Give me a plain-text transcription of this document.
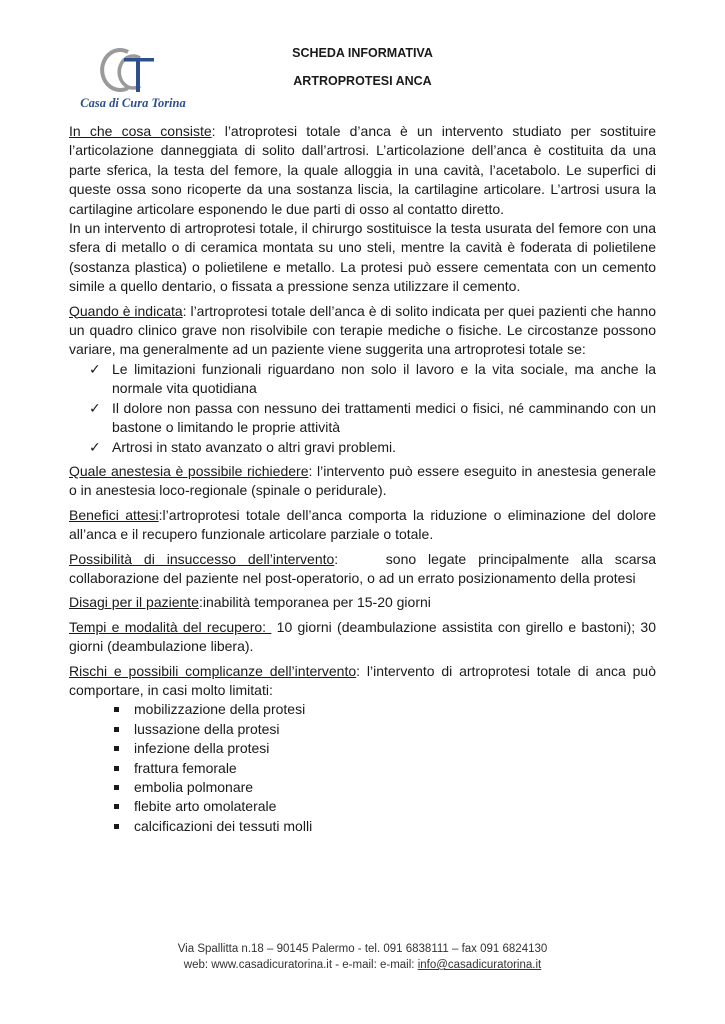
Casa di Cura Torina
SCHEDA INFORMATIVA
ARTROPROTESI ANCA

In che cosa consiste: l’atroprotesi totale d’anca è un intervento studiato per sostituire l’articolazione danneggiata di solito dall’artrosi. L’articolazione dell’anca è costituita da una parte sferica, la testa del femore, la quale alloggia in una cavità, l’acetabolo. Le superfici di queste ossa sono ricoperte da una sostanza liscia, la cartilagine articolare. L’artrosi usura la cartilagine articolare esponendo le due parti di osso al contatto diretto.

In un intervento di artroprotesi totale, il chirurgo sostituisce la testa usurata del femore con una sfera di metallo o di ceramica montata su uno steli, mentre la cavità è foderata di polietilene (sostanza plastica) o polietilene e metallo. La protesi può essere cementata con un cemento simile a quello dentario, o fissata a pressione senza utilizzare il cemento.

Quando è indicata: l’artroprotesi totale dell’anca è di solito indicata per quei pazienti che hanno un quadro clinico grave non risolvibile con terapie mediche o fisiche. Le circostanze possono variare, ma generalmente ad un paziente viene suggerita una artroprotesi totale se:

✓ Le limitazioni funzionali riguardano non solo il lavoro e la vita sociale, ma anche la normale vita quotidiana
✓ Il dolore non passa con nessuno dei trattamenti medici o fisici, né camminando con un bastone o limitando le proprie attività
✓ Artrosi in stato avanzato o altri gravi problemi.

Quale anestesia è possibile richiedere: l’intervento può essere eseguito in anestesia generale o in anestesia loco-regionale (spinale o peridurale).

Benefici attesi:l’artroprotesi totale dell’anca comporta la riduzione o eliminazione del dolore all’anca e il recupero funzionale articolare parziale o totale.

Possibilità di insuccesso dell’intervento:    sono legate principalmente alla scarsa collaborazione del paziente nel post-operatorio, o ad un errato posizionamento della protesi

Disagi per il paziente:inabilità temporanea per 15-20 giorni

Tempi e modalità del recupero:  10 giorni (deambulazione assistita con girello e bastoni); 30 giorni (deambulazione libera).

Rischi e possibili complicanze dell’intervento: l’intervento di artroprotesi totale di anca può comportare, in casi molto limitati:

mobilizzazione della protesi
lussazione della protesi
infezione della protesi
frattura femorale
embolia polmonare
flebite arto omolaterale
calcificazioni dei tessuti molli
Via Spallitta n.18 – 90145 Palermo - tel. 091 6838111 – fax 091 6824130
web: www.casadicuratorina.it - e-mail: e-mail: info@casadicuratorina.it
